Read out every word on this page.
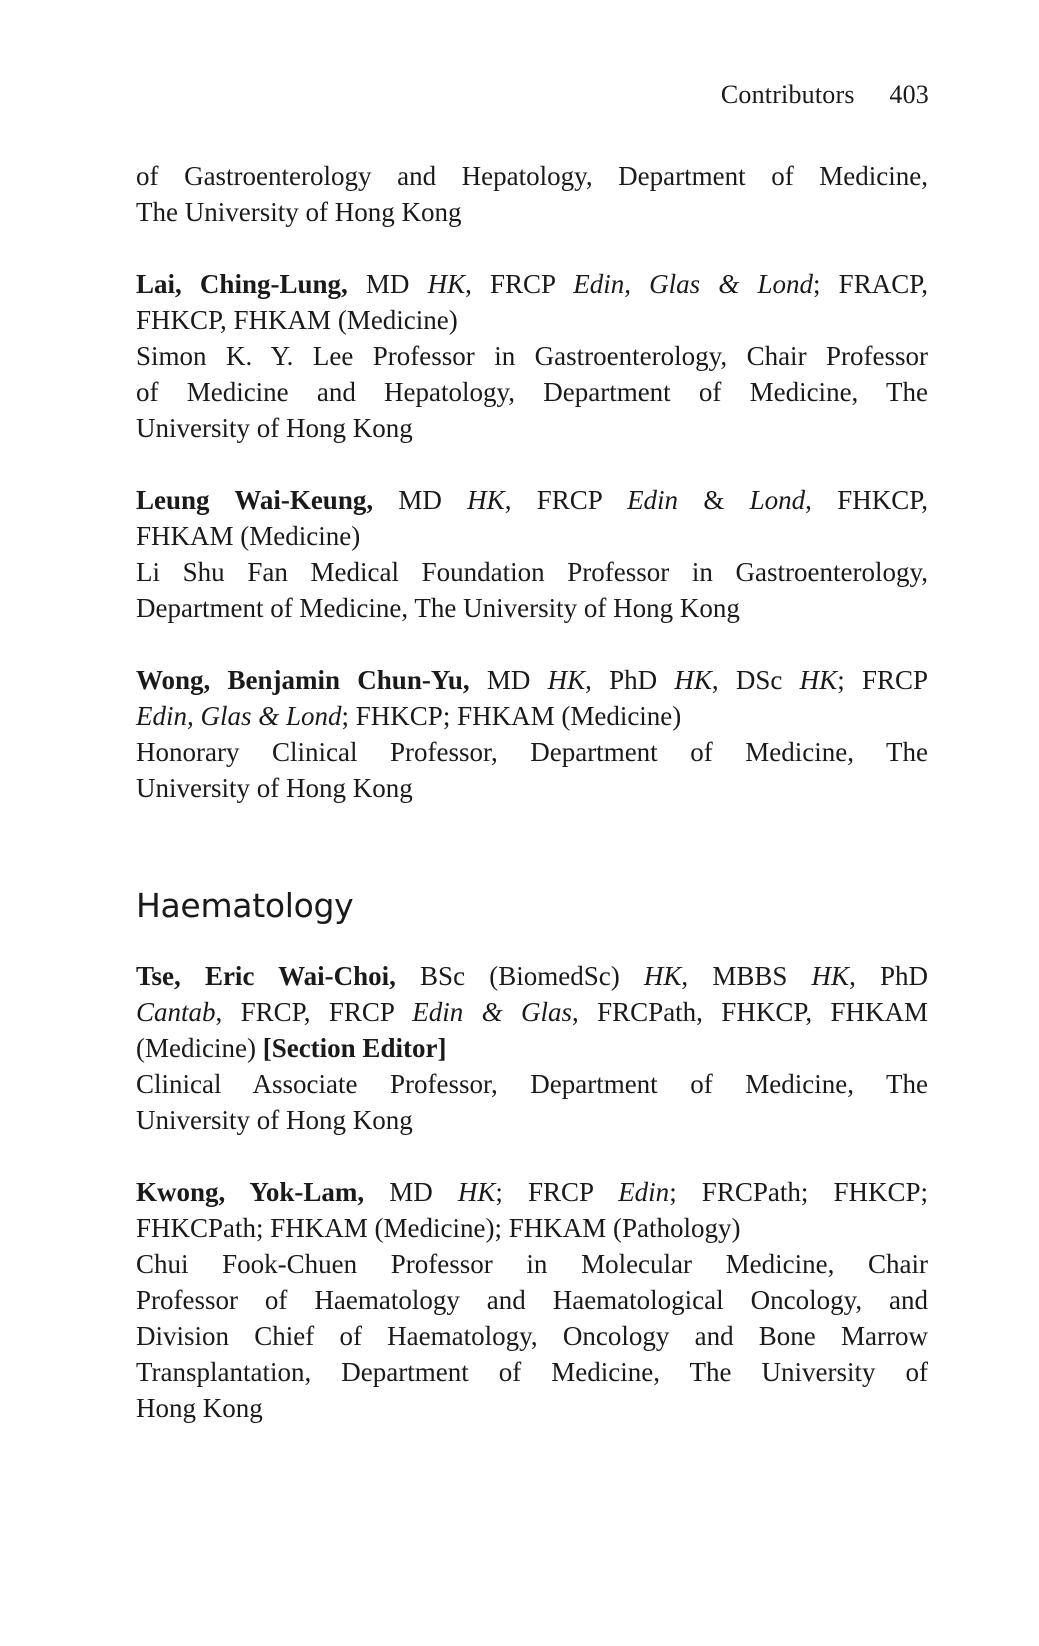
Contributors 403
of Gastroenterology and Hepatology, Department of Medicine,
The University of Hong Kong
Lai, Ching-Lung, MD HK, FRCP Edin, Glas & Lond; FRACP,
FHKCP, FHKAM (Medicine)
Simon K. Y. Lee Professor in Gastroenterology, Chair Professor
of Medicine and Hepatology, Department of Medicine, The
University of Hong Kong
Leung Wai-Keung, MD HK, FRCP Edin & Lond, FHKCP,
FHKAM (Medicine)
Li Shu Fan Medical Foundation Professor in Gastroenterology,
Department of Medicine, The University of Hong Kong
Wong, Benjamin Chun-Yu, MD HK, PhD HK, DSc HK; FRCP
Edin, Glas & Lond; FHKCP; FHKAM (Medicine)
Honorary Clinical Professor, Department of Medicine, The
University of Hong Kong
Haematology
Tse, Eric Wai-Choi, BSc (BiomedSc) HK, MBBS HK, PhD
Cantab, FRCP, FRCP Edin & Glas, FRCPath, FHKCP, FHKAM
(Medicine) [Section Editor]
Clinical Associate Professor, Department of Medicine, The
University of Hong Kong
Kwong, Yok-Lam, MD HK; FRCP Edin; FRCPath; FHKCP;
FHKCPath; FHKAM (Medicine); FHKAM (Pathology)
Chui Fook-Chuen Professor in Molecular Medicine, Chair
Professor of Haematology and Haematological Oncology, and
Division Chief of Haematology, Oncology and Bone Marrow
Transplantation, Department of Medicine, The University of
Hong Kong
